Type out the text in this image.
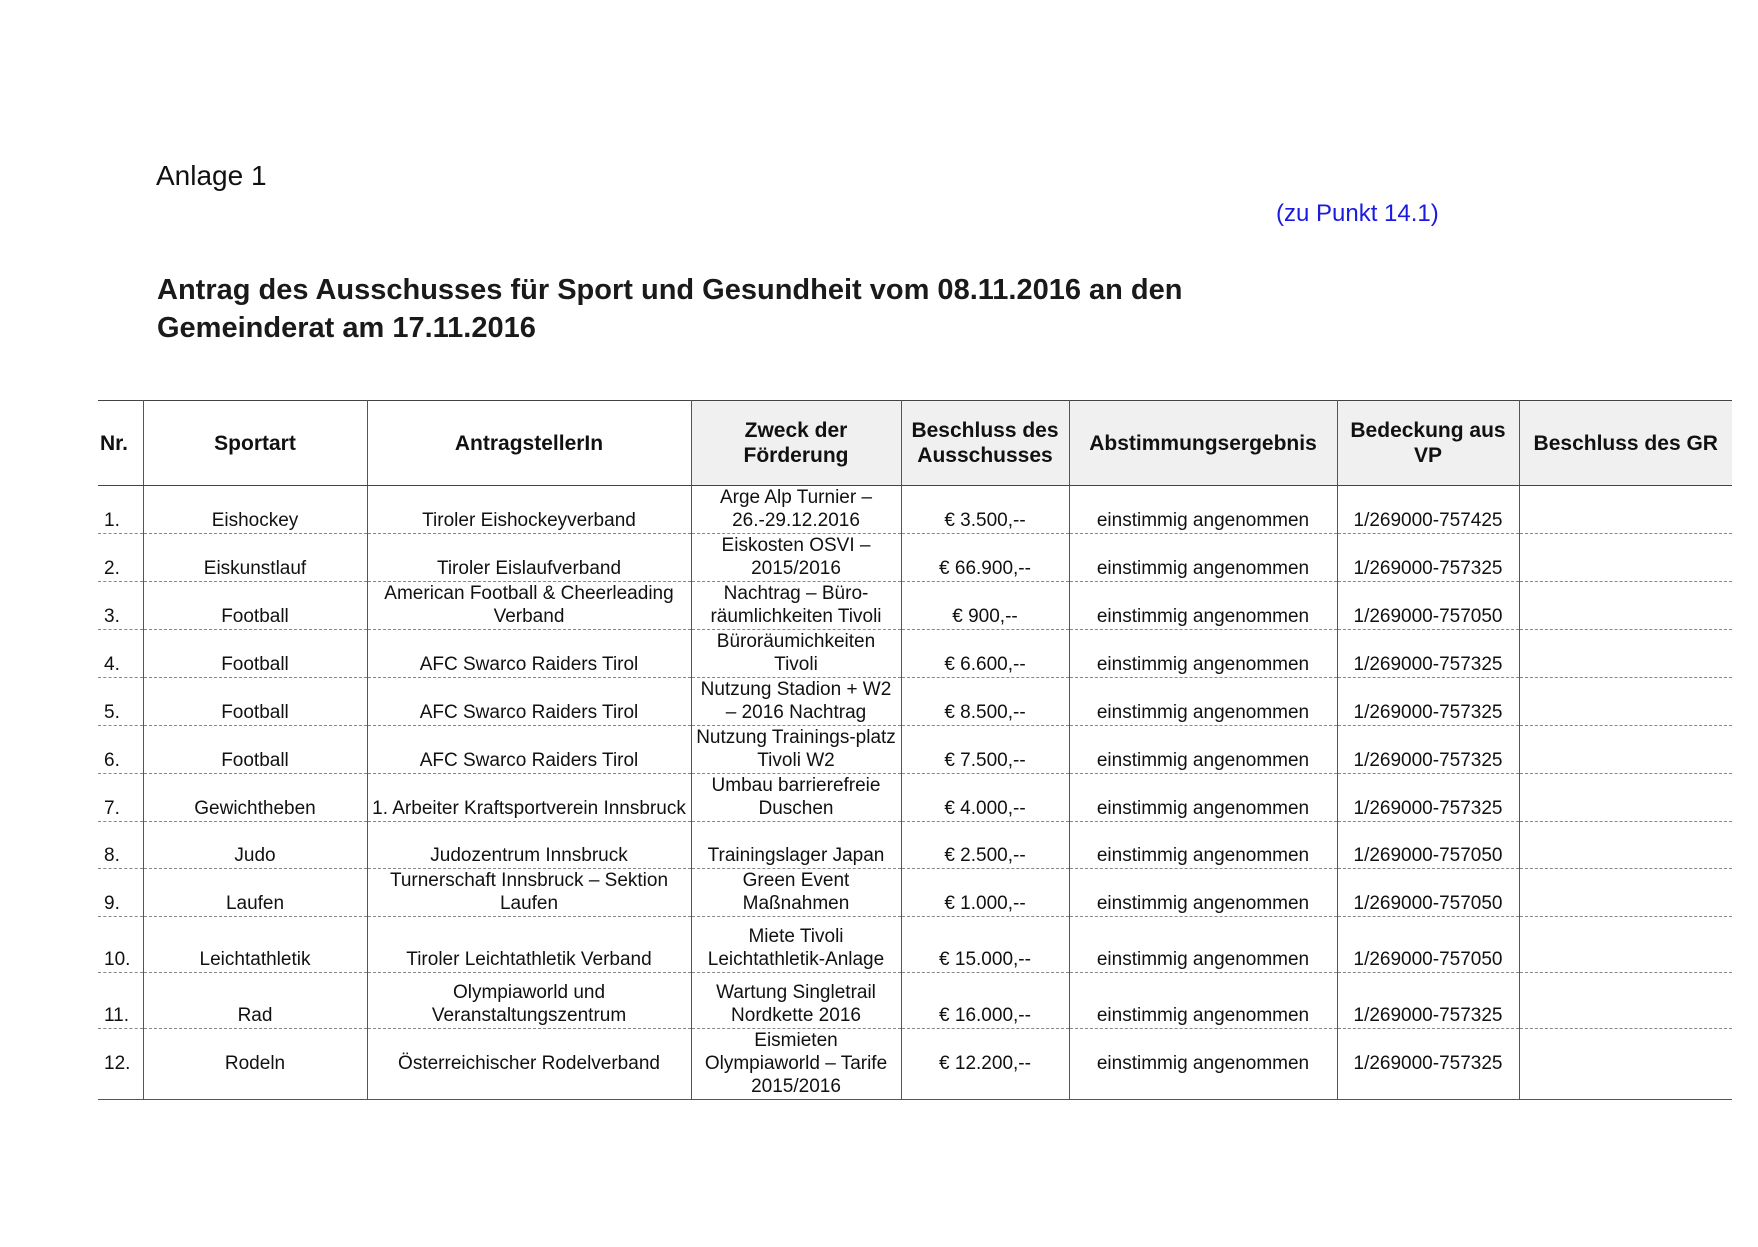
Anlage 1
(zu Punkt 14.1)
Antrag des Ausschusses für Sport und Gesundheit vom 08.11.2016 an den
Gemeinderat am 17.11.2016
Nr.	Sportart	AntragstellerIn	Zweck der Förderung	Beschluss des Ausschusses	Abstimmungsergebnis	Bedeckung aus VP	Beschluss des GR
1.	Eishockey	Tiroler Eishockeyverband	Arge Alp Turnier – 26.-29.12.2016	€ 3.500,--	einstimmig angenommen	1/269000-757425	
2.	Eiskunstlauf	Tiroler Eislaufverband	Eiskosten OSVI – 2015/2016	€ 66.900,--	einstimmig angenommen	1/269000-757325	
3.	Football	American Football & Cheerleading Verband	Nachtrag – Büro-räumlichkeiten Tivoli	€ 900,--	einstimmig angenommen	1/269000-757050	
4.	Football	AFC Swarco Raiders Tirol	Büroräumichkeiten Tivoli	€ 6.600,--	einstimmig angenommen	1/269000-757325	
5.	Football	AFC Swarco Raiders Tirol	Nutzung Stadion + W2 – 2016 Nachtrag	€ 8.500,--	einstimmig angenommen	1/269000-757325	
6.	Football	AFC Swarco Raiders Tirol	Nutzung Trainings-platz Tivoli W2	€ 7.500,--	einstimmig angenommen	1/269000-757325	
7.	Gewichtheben	1. Arbeiter Kraftsportverein Innsbruck	Umbau barrierefreie Duschen	€ 4.000,--	einstimmig angenommen	1/269000-757325	
8.	Judo	Judozentrum Innsbruck	Trainingslager Japan	€ 2.500,--	einstimmig angenommen	1/269000-757050	
9.	Laufen	Turnerschaft Innsbruck – Sektion Laufen	Green Event Maßnahmen	€ 1.000,--	einstimmig angenommen	1/269000-757050	
10.	Leichtathletik	Tiroler Leichtathletik Verband	Miete Tivoli Leichtathletik-Anlage	€ 15.000,--	einstimmig angenommen	1/269000-757050	
11.	Rad	Olympiaworld und Veranstaltungszentrum	Wartung Singletrail Nordkette 2016	€ 16.000,--	einstimmig angenommen	1/269000-757325	
12.	Rodeln	Österreichischer Rodelverband	Eismieten Olympiaworld – Tarife 2015/2016	€ 12.200,--	einstimmig angenommen	1/269000-757325	
